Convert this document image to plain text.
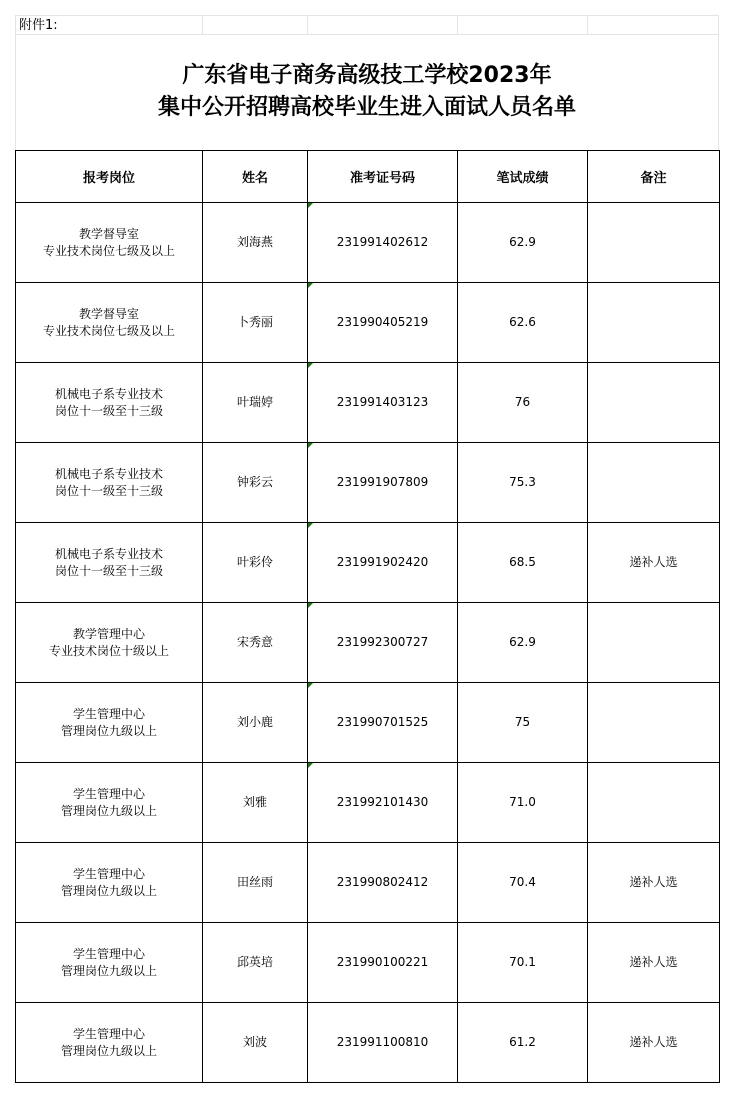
附件1:
广东省电子商务高级技工学校2023年
集中公开招聘高校毕业生进入面试人员名单
报考岗位	姓名	准考证号码	笔试成绩	备注

教学督导室
专业技术岗位七级及以上	刘海燕	231991402612	62.9	

教学督导室
专业技术岗位七级及以上	卜秀丽	231990405219	62.6	

机械电子系专业技术
岗位十一级至十三级	叶瑞婷	231991403123	76	

机械电子系专业技术
岗位十一级至十三级	钟彩云	231991907809	75.3	

机械电子系专业技术
岗位十一级至十三级	叶彩伶	231991902420	68.5	递补人选

教学管理中心
专业技术岗位十级以上	宋秀意	231992300727	62.9	

学生管理中心
管理岗位九级以上	刘小鹿	231990701525	75	

学生管理中心
管理岗位九级以上	刘雅	231992101430	71.0	

学生管理中心
管理岗位九级以上	田丝雨	231990802412	70.4	递补人选

学生管理中心
管理岗位九级以上	邱英培	231990100221	70.1	递补人选

学生管理中心
管理岗位九级以上	刘波	231991100810	61.2	递补人选
